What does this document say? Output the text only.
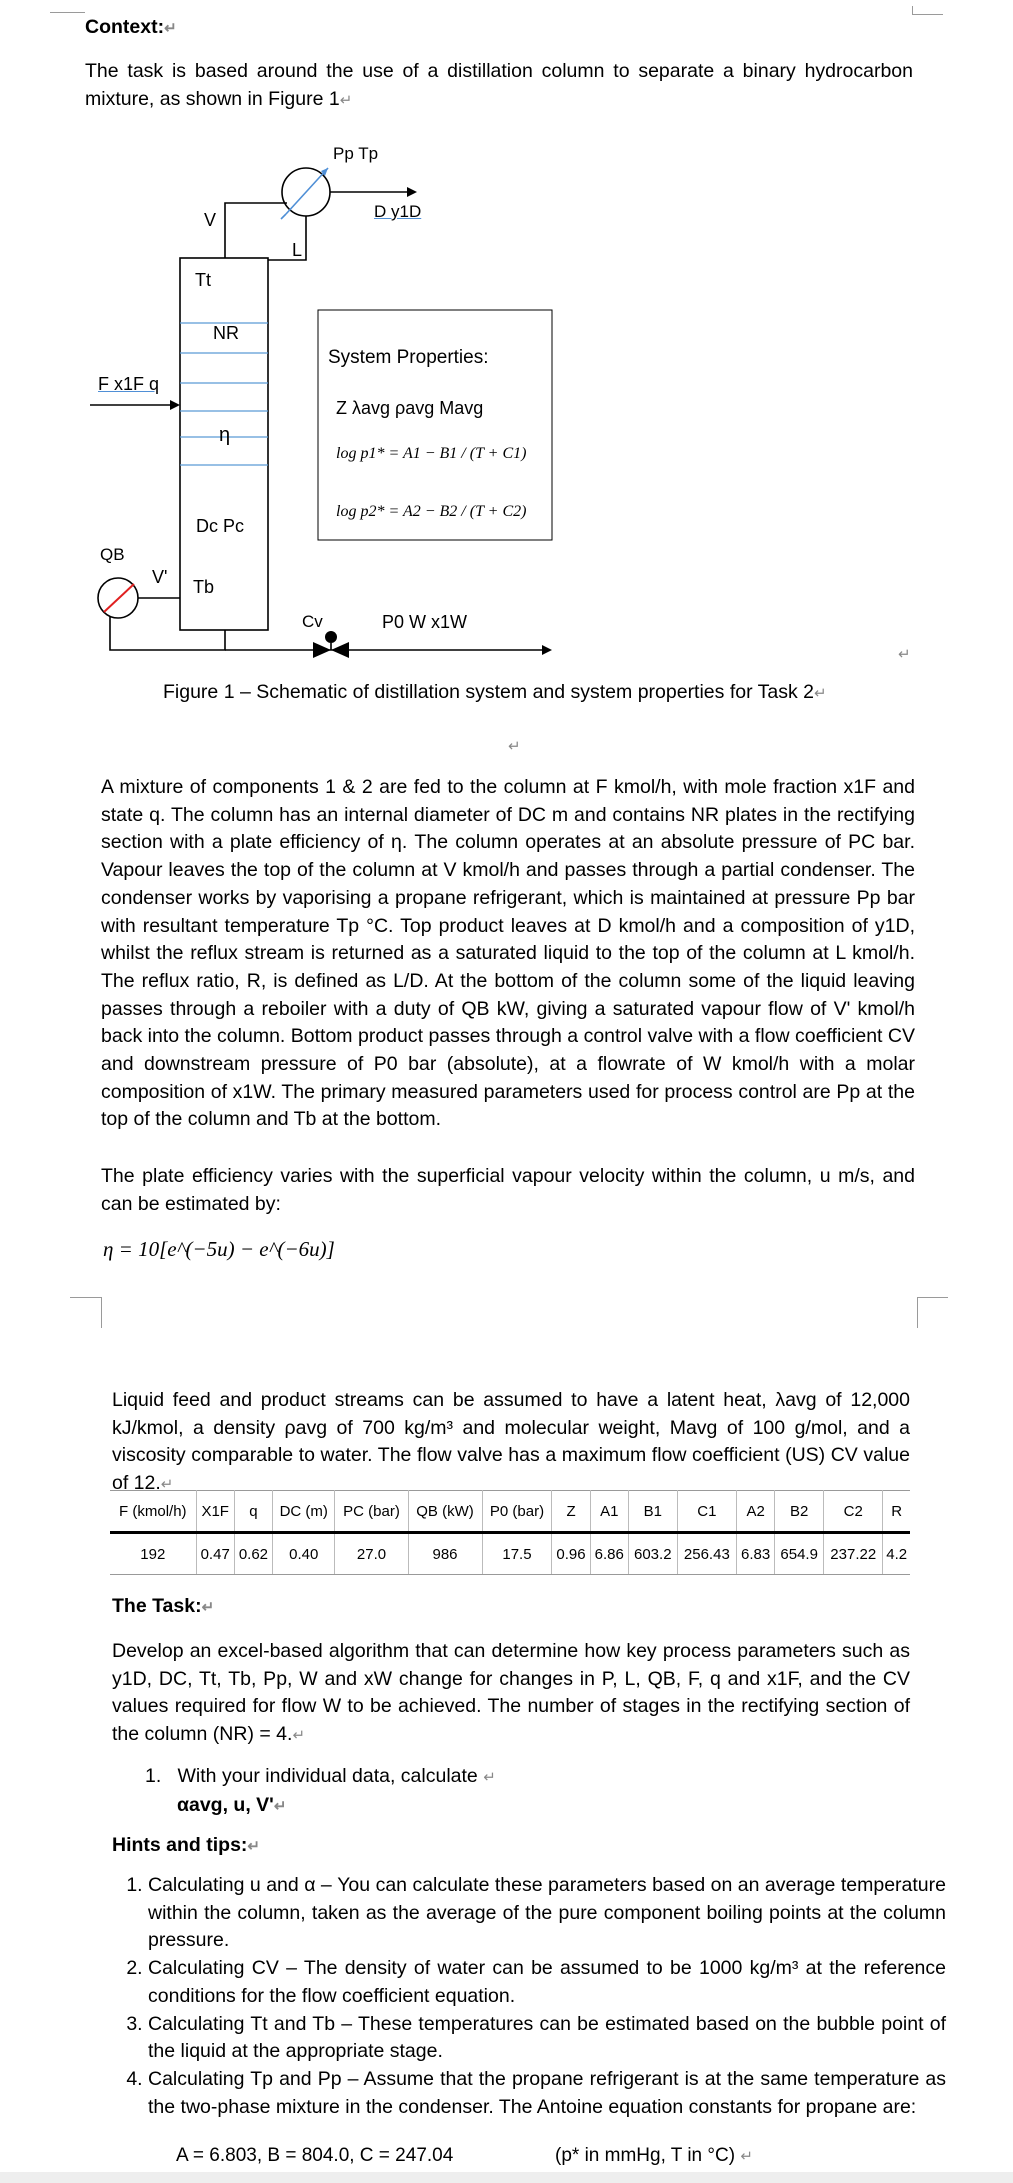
Context:↵
The task is based around the use of a distillation column to separate a binary hydrocarbon mixture, as shown in Figure 1↵
Pp Tp
V	D y1D
L
Tt
NR
F x1F q
η
Dc Pc
QB
V' Tb
Cv	P0 W x1W
System Properties:
Z λavg ρavg Mavg
log p1* = A1 − B1 / (T + C1)
log p2* = A2 − B2 / (T + C2)
↵
Figure 1 – Schematic of distillation system and system properties for Task 2↵
↵
A mixture of components 1 & 2 are fed to the column at F kmol/h, with mole fraction x1F and state q. The column has an internal diameter of DC m and contains NR plates in the rectifying section with a plate efficiency of η. The column operates at an absolute pressure of PC bar. Vapour leaves the top of the column at V kmol/h and passes through a partial condenser. The condenser works by vaporising a propane refrigerant, which is maintained at pressure Pp bar with resultant temperature Tp °C. Top product leaves at D kmol/h and a composition of y1D, whilst the reflux stream is returned as a saturated liquid to the top of the column at L kmol/h. The reflux ratio, R, is defined as L/D. At the bottom of the column some of the liquid leaving passes through a reboiler with a duty of QB kW, giving a saturated vapour flow of V' kmol/h back into the column. Bottom product passes through a control valve with a flow coefficient CV and downstream pressure of P0 bar (absolute), at a flowrate of W kmol/h with a molar composition of x1W. The primary measured parameters used for process control are Pp at the top of the column and Tb at the bottom.
The plate efficiency varies with the superficial vapour velocity within the column, u m/s, and can be estimated by:
η = 10[e^(−5u) − e^(−6u)]
Liquid feed and product streams can be assumed to have a latent heat, λavg of 12,000 kJ/kmol, a density ρavg of 700 kg/m³ and molecular weight, Mavg of 100 g/mol, and a viscosity comparable to water. The flow valve has a maximum flow coefficient (US) CV value of 12.↵
F (kmol/h)	X1F	q	DC (m)	PC (bar)	QB (kW)	P0 (bar)	Z	A1	B1	C1	A2	B2	C2	R
192	0.47	0.62	0.40	27.0	986	17.5	0.96	6.86	603.2	256.43	6.83	654.9	237.22	4.2
The Task:↵
Develop an excel-based algorithm that can determine how key process parameters such as y1D, DC, Tt, Tb, Pp, W and xW change for changes in P, L, QB, F, q and x1F, and the CV values required for flow W to be achieved. The number of stages in the rectifying section of the column (NR) = 4.↵
1.   With your individual data, calculate ↵
αavg, u, V'↵
Hints and tips:↵
1. Calculating u and α – You can calculate these parameters based on an average temperature within the column, taken as the average of the pure component boiling points at the column pressure.
2. Calculating CV – The density of water can be assumed to be 1000 kg/m³ at the reference conditions for the flow coefficient equation.
3. Calculating Tt and Tb – These temperatures can be estimated based on the bubble point of the liquid at the appropriate stage.
4. Calculating Tp and Pp – Assume that the propane refrigerant is at the same temperature as the two-phase mixture in the condenser. The Antoine equation constants for propane are:
A = 6.803, B = 804.0, C = 247.04	(p* in mmHg, T in °C) ↵
